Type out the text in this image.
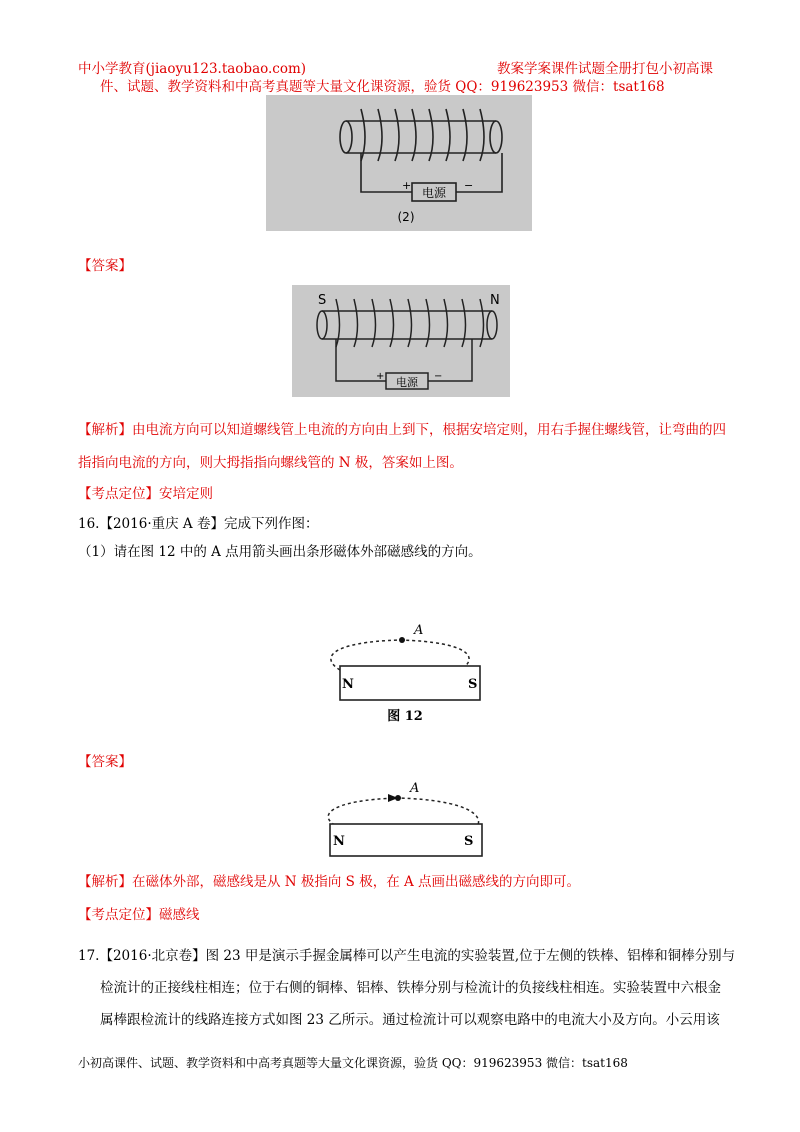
中小学教育(jiaoyu123.taobao.com)	教案学案课件试题全册打包小初高课
件、试题、教学资料和中高考真题等大量文化课资源，验货 QQ：919623953 微信：tsat168
+
电源
−
(2)
【答案】
S	N
+ 电源 −
【解析】由电流方向可以知道螺线管上电流的方向由上到下，根据安培定则，用右手握住螺线管，让弯曲的四
指指向电流的方向，则大拇指指向螺线管的 N 极，答案如上图。
【考点定位】安培定则
16.【2016·重庆 A 卷】完成下列作图：
（1）请在图 12 中的 A 点用箭头画出条形磁体外部磁感线的方向。
A
N	S
图 12
【答案】
A
N	S
【解析】在磁体外部，磁感线是从 N 极指向 S 极，在 A 点画出磁感线的方向即可。
【考点定位】磁感线
17.【2016·北京卷】图 23 甲是演示手握金属棒可以产生电流的实验装置,位于左侧的铁棒、铝棒和铜棒分别与
检流计的正接线柱相连；位于右侧的铜棒、铝棒、铁棒分别与检流计的负接线柱相连。实验装置中六根金
属棒跟检流计的线路连接方式如图 23 乙所示。通过检流计可以观察电路中的电流大小及方向。小云用该
小初高课件、试题、教学资料和中高考真题等大量文化课资源，验货 QQ：919623953 微信：tsat168
